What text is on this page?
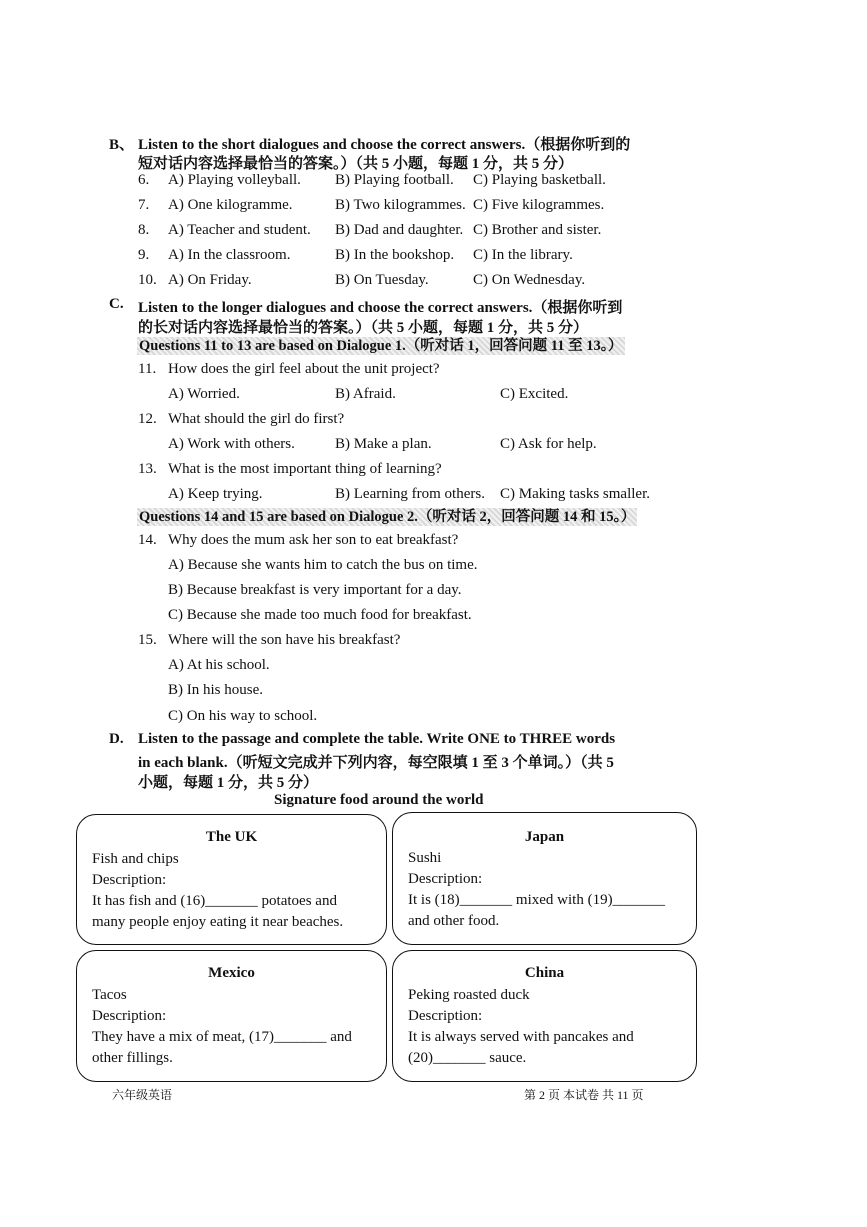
B、 Listen to the short dialogues and choose the correct answers.（根据你听到的
短对话内容选择最恰当的答案。）（共 5 小题，每题 1 分，共 5 分）
6. A) Playing volleyball. B) Playing football. C) Playing basketball.
7. A) One kilogramme.	B) Two kilogrammes. C) Five kilogrammes.
8. A) Teacher and student. B) Dad and daughter. C) Brother and sister.
9. A) In the classroom.	B) In the bookshop. C) In the library.
10. A) On Friday.	B) On Tuesday.	C) On Wednesday.
C. Listen to the longer dialogues and choose the correct answers.（根据你听到
的长对话内容选择最恰当的答案。）（共 5 小题，每题 1 分，共 5 分）
Questions 11 to 13 are based on Dialogue 1.（听对话 1，回答问题 11 至 13。）
11. How does the girl feel about the unit project?
A) Worried.	B) Afraid.	C) Excited.
12. What should the girl do first?
A) Work with others.	B) Make a plan.	C) Ask for help.
13. What is the most important thing of learning?
A) Keep trying.	B) Learning from others. C) Making tasks smaller.
Questions 14 and 15 are based on Dialogue 2.（听对话 2，回答问题 14 和 15。）
14. Why does the mum ask her son to eat breakfast?
A) Because she wants him to catch the bus on time.
B) Because breakfast is very important for a day.
C) Because she made too much food for breakfast.
15. Where will the son have his breakfast?
A) At his school.
B) In his house.
C) On his way to school.
D. Listen to the passage and complete the table. Write ONE to THREE words
in each blank.（听短文完成并下列内容，每空限填 1 至 3 个单词。）（共 5
小题，每题 1 分，共 5 分）
Signature food around the world
The UK
Fish and chips
Description:
It has fish and (16)_______ potatoes and
many people enjoy eating it near beaches.
Japan
Sushi
Description:
It is (18)_______ mixed with (19)_______
and other food.
Mexico
Tacos
Description:
They have a mix of meat, (17)_______ and
other fillings.
China
Peking roasted duck
Description:
It is always served with pancakes and
(20)_______ sauce.
六年级英语	第 2 页 本试卷 共 11 页
